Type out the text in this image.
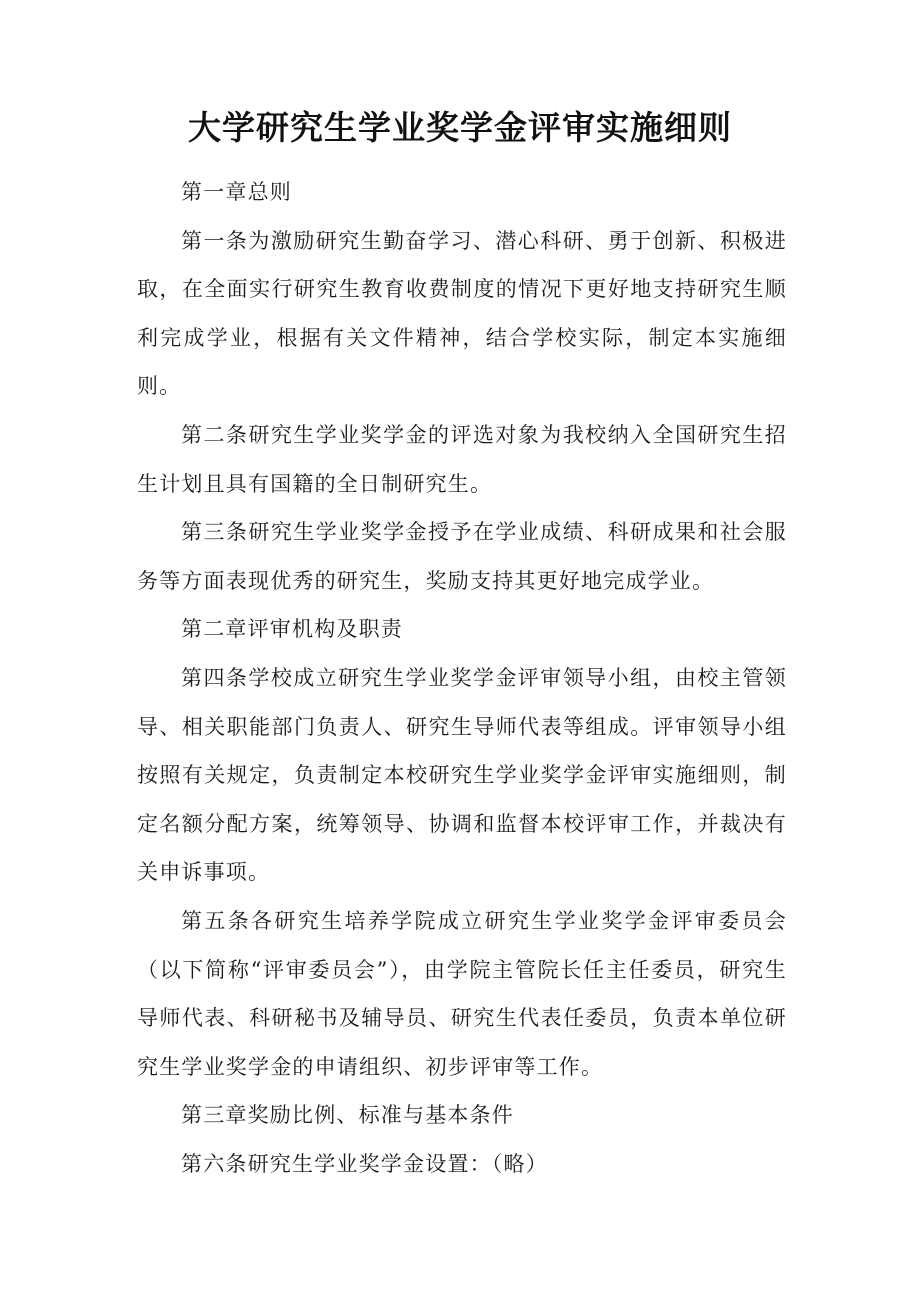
大学研究生学业奖学金评审实施细则

第一章总则

第一条为激励研究生勤奋学习、潜心科研、勇于创新、积极进取，在全面实行研究生教育收费制度的情况下更好地支持研究生顺利完成学业，根据有关文件精神，结合学校实际，制定本实施细则。

第二条研究生学业奖学金的评选对象为我校纳入全国研究生招生计划且具有国籍的全日制研究生。

第三条研究生学业奖学金授予在学业成绩、科研成果和社会服务等方面表现优秀的研究生，奖励支持其更好地完成学业。

第二章评审机构及职责

第四条学校成立研究生学业奖学金评审领导小组，由校主管领导、相关职能部门负责人、研究生导师代表等组成。评审领导小组按照有关规定，负责制定本校研究生学业奖学金评审实施细则，制定名额分配方案，统筹领导、协调和监督本校评审工作，并裁决有关申诉事项。

第五条各研究生培养学院成立研究生学业奖学金评审委员会（以下简称“评审委员会”），由学院主管院长任主任委员，研究生导师代表、科研秘书及辅导员、研究生代表任委员，负责本单位研究生学业奖学金的申请组织、初步评审等工作。

第三章奖励比例、标准与基本条件

第六条研究生学业奖学金设置：（略）
